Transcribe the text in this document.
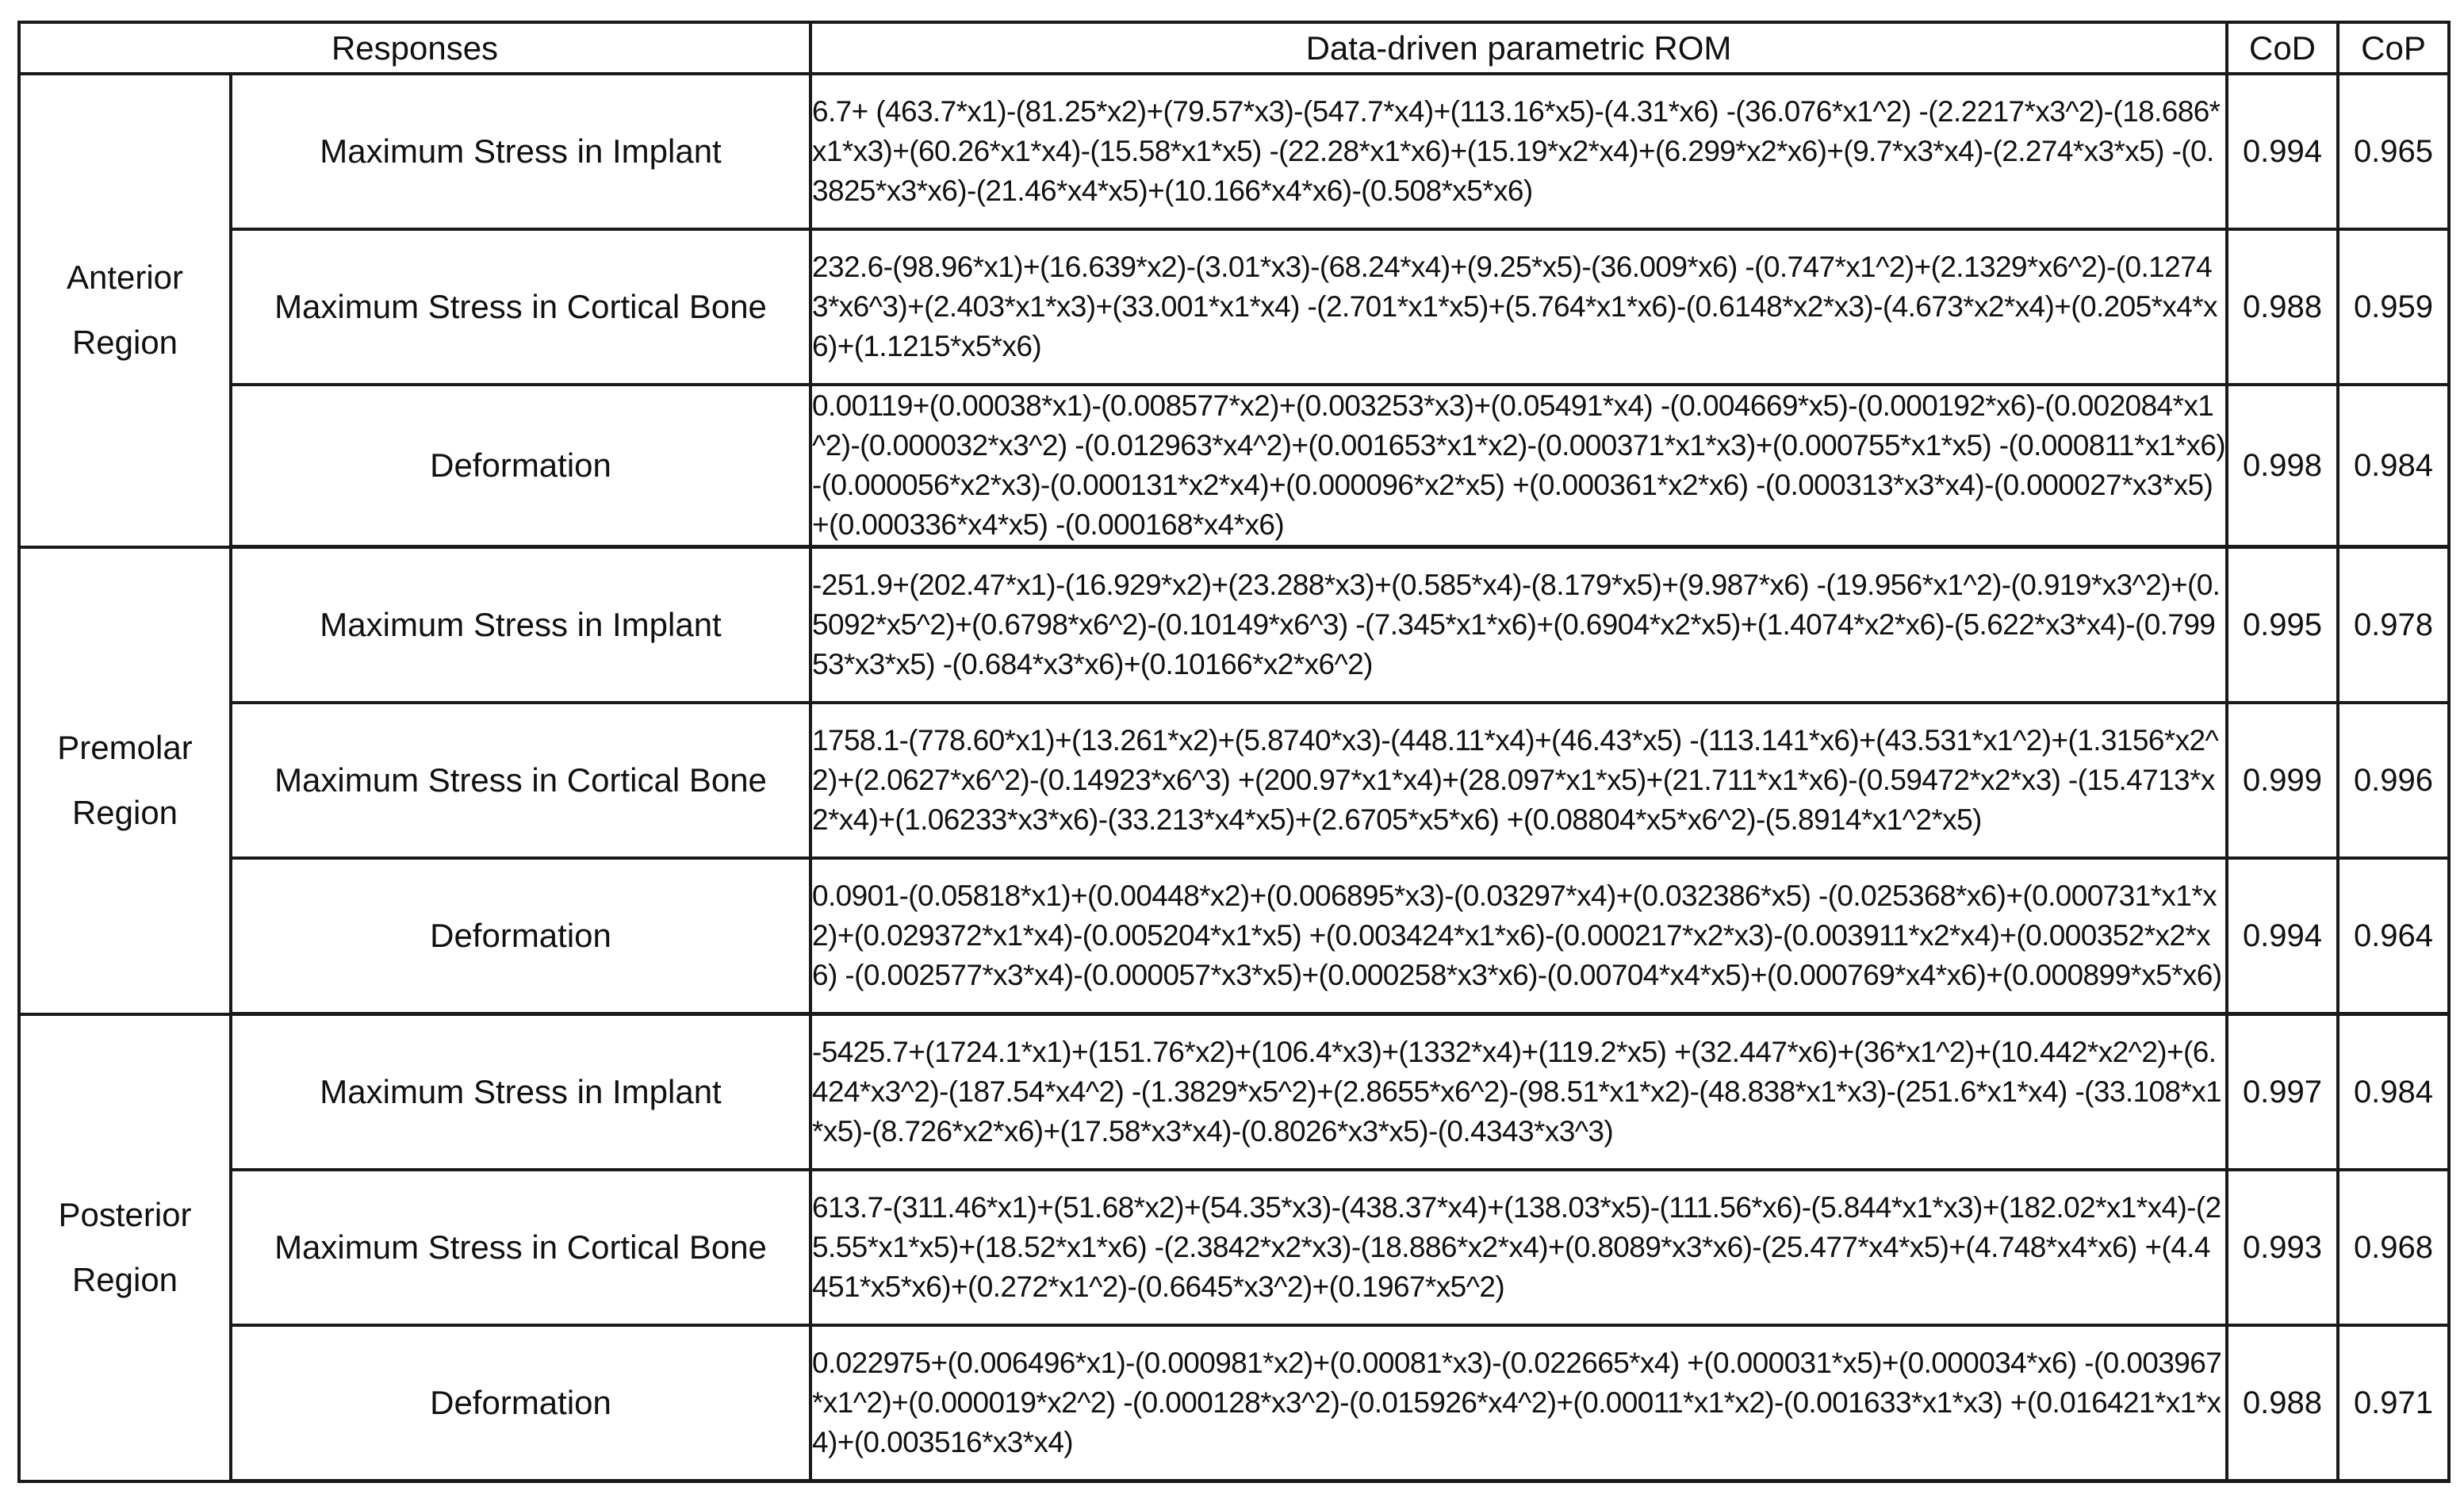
Responses		Data-driven parametric ROM	CoD	CoP

Anterior
Region	Maximum Stress in Implant	6.7+ (463.7*x1)-(81.25*x2)+(79.57*x3)-(547.7*x4)+(113.16*x5)-(4.31*x6) -(36.076*x1^2) -(2.2217*x3^2)-(18.686*x1*x3)+(60.26*x1*x4)-(15.58*x1*x5) -(22.28*x1*x6)+(15.19*x2*x4)+(6.299*x2*x6)+(9.7*x3*x4)-(2.274*x3*x5) -(0.3825*x3*x6)-(21.46*x4*x5)+(10.166*x4*x6)-(0.508*x5*x6)	0.994	0.965
	Maximum Stress in Cortical Bone	232.6-(98.96*x1)+(16.639*x2)-(3.01*x3)-(68.24*x4)+(9.25*x5)-(36.009*x6) -(0.747*x1^2)+(2.1329*x6^2)-(0.12743*x6^3)+(2.403*x1*x3)+(33.001*x1*x4) -(2.701*x1*x5)+(5.764*x1*x6)-(0.6148*x2*x3)-(4.673*x2*x4)+(0.205*x4*x6)+(1.1215*x5*x6)	0.988	0.959
	Deformation	0.00119+(0.00038*x1)-(0.008577*x2)+(0.003253*x3)+(0.05491*x4) -(0.004669*x5)-(0.000192*x6)-(0.002084*x1^2)-(0.000032*x3^2) -(0.012963*x4^2)+(0.001653*x1*x2)-(0.000371*x1*x3)+(0.000755*x1*x5) -(0.000811*x1*x6)-(0.000056*x2*x3)-(0.000131*x2*x4)+(0.000096*x2*x5) +(0.000361*x2*x6) -(0.000313*x3*x4)-(0.000027*x3*x5)+(0.000336*x4*x5) -(0.000168*x4*x6)	0.998	0.984

Premolar
Region	Maximum Stress in Implant	-251.9+(202.47*x1)-(16.929*x2)+(23.288*x3)+(0.585*x4)-(8.179*x5)+(9.987*x6) -(19.956*x1^2)-(0.919*x3^2)+(0.5092*x5^2)+(0.6798*x6^2)-(0.10149*x6^3) -(7.345*x1*x6)+(0.6904*x2*x5)+(1.4074*x2*x6)-(5.622*x3*x4)-(0.79953*x3*x5) -(0.684*x3*x6)+(0.10166*x2*x6^2)	0.995	0.978
	Maximum Stress in Cortical Bone	1758.1-(778.60*x1)+(13.261*x2)+(5.8740*x3)-(448.11*x4)+(46.43*x5) -(113.141*x6)+(43.531*x1^2)+(1.3156*x2^2)+(2.0627*x6^2)-(0.14923*x6^3) +(200.97*x1*x4)+(28.097*x1*x5)+(21.711*x1*x6)-(0.59472*x2*x3) -(15.4713*x2*x4)+(1.06233*x3*x6)-(33.213*x4*x5)+(2.6705*x5*x6) +(0.08804*x5*x6^2)-(5.8914*x1^2*x5)	0.999	0.996
	Deformation	0.0901-(0.05818*x1)+(0.00448*x2)+(0.006895*x3)-(0.03297*x4)+(0.032386*x5) -(0.025368*x6)+(0.000731*x1*x2)+(0.029372*x1*x4)-(0.005204*x1*x5) +(0.003424*x1*x6)-(0.000217*x2*x3)-(0.003911*x2*x4)+(0.000352*x2*x6) -(0.002577*x3*x4)-(0.000057*x3*x5)+(0.000258*x3*x6)-(0.00704*x4*x5)+(0.000769*x4*x6)+(0.000899*x5*x6)	0.994	0.964

Posterior
Region	Maximum Stress in Implant	-5425.7+(1724.1*x1)+(151.76*x2)+(106.4*x3)+(1332*x4)+(119.2*x5) +(32.447*x6)+(36*x1^2)+(10.442*x2^2)+(6.424*x3^2)-(187.54*x4^2) -(1.3829*x5^2)+(2.8655*x6^2)-(98.51*x1*x2)-(48.838*x1*x3)-(251.6*x1*x4) -(33.108*x1*x5)-(8.726*x2*x6)+(17.58*x3*x4)-(0.8026*x3*x5)-(0.4343*x3^3)	0.997	0.984
	Maximum Stress in Cortical Bone	613.7-(311.46*x1)+(51.68*x2)+(54.35*x3)-(438.37*x4)+(138.03*x5)-(111.56*x6)-(5.844*x1*x3)+(182.02*x1*x4)-(25.55*x1*x5)+(18.52*x1*x6) -(2.3842*x2*x3)-(18.886*x2*x4)+(0.8089*x3*x6)-(25.477*x4*x5)+(4.748*x4*x6) +(4.4451*x5*x6)+(0.272*x1^2)-(0.6645*x3^2)+(0.1967*x5^2)	0.993	0.968
	Deformation	0.022975+(0.006496*x1)-(0.000981*x2)+(0.00081*x3)-(0.022665*x4) +(0.000031*x5)+(0.000034*x6) -(0.003967*x1^2)+(0.000019*x2^2) -(0.000128*x3^2)-(0.015926*x4^2)+(0.00011*x1*x2)-(0.001633*x1*x3) +(0.016421*x1*x4)+(0.003516*x3*x4)	0.988	0.971
